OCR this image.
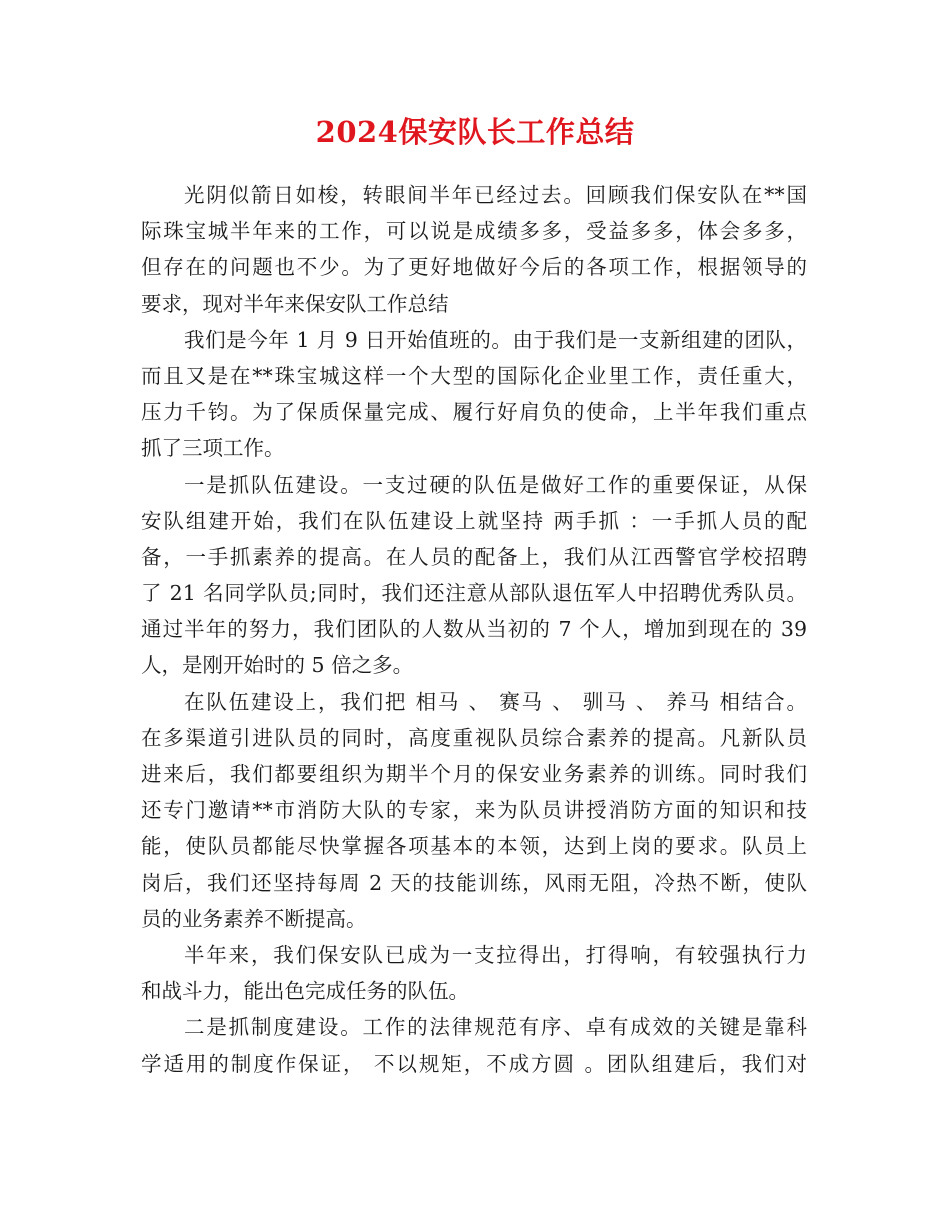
2024保安队长工作总结
光阴似箭日如梭，转眼间半年已经过去。回顾我们保安队在**国
际珠宝城半年来的工作，可以说是成绩多多，受益多多，体会多多，
但存在的问题也不少。为了更好地做好今后的各项工作，根据领导的
要求，现对半年来保安队工作总结
我们是今年 1 月 9 日开始值班的。由于我们是一支新组建的团队，
而且又是在**珠宝城这样一个大型的国际化企业里工作，责任重大，
压力千钧。为了保质保量完成、履行好肩负的使命，上半年我们重点
抓了三项工作。
一是抓队伍建设。一支过硬的队伍是做好工作的重要保证，从保
安队组建开始，我们在队伍建设上就坚持 两手抓 ：一手抓人员的配
备，一手抓素养的提高。在人员的配备上，我们从江西警官学校招聘
了 21 名同学队员;同时，我们还注意从部队退伍军人中招聘优秀队员。
通过半年的努力，我们团队的人数从当初的 7 个人，增加到现在的 39
人，是刚开始时的 5 倍之多。
在队伍建设上，我们把 相马 、 赛马 、 驯马 、 养马 相结合。
在多渠道引进队员的同时，高度重视队员综合素养的提高。凡新队员
进来后，我们都要组织为期半个月的保安业务素养的训练。同时我们
还专门邀请**市消防大队的专家，来为队员讲授消防方面的知识和技
能，使队员都能尽快掌握各项基本的本领，达到上岗的要求。队员上
岗后，我们还坚持每周 2 天的技能训练，风雨无阻，冷热不断，使队
员的业务素养不断提高。
半年来，我们保安队已成为一支拉得出，打得响，有较强执行力
和战斗力，能出色完成任务的队伍。
二是抓制度建设。工作的法律规范有序、卓有成效的关键是靠科
学适用的制度作保证， 不以规矩，不成方圆 。团队组建后，我们对
